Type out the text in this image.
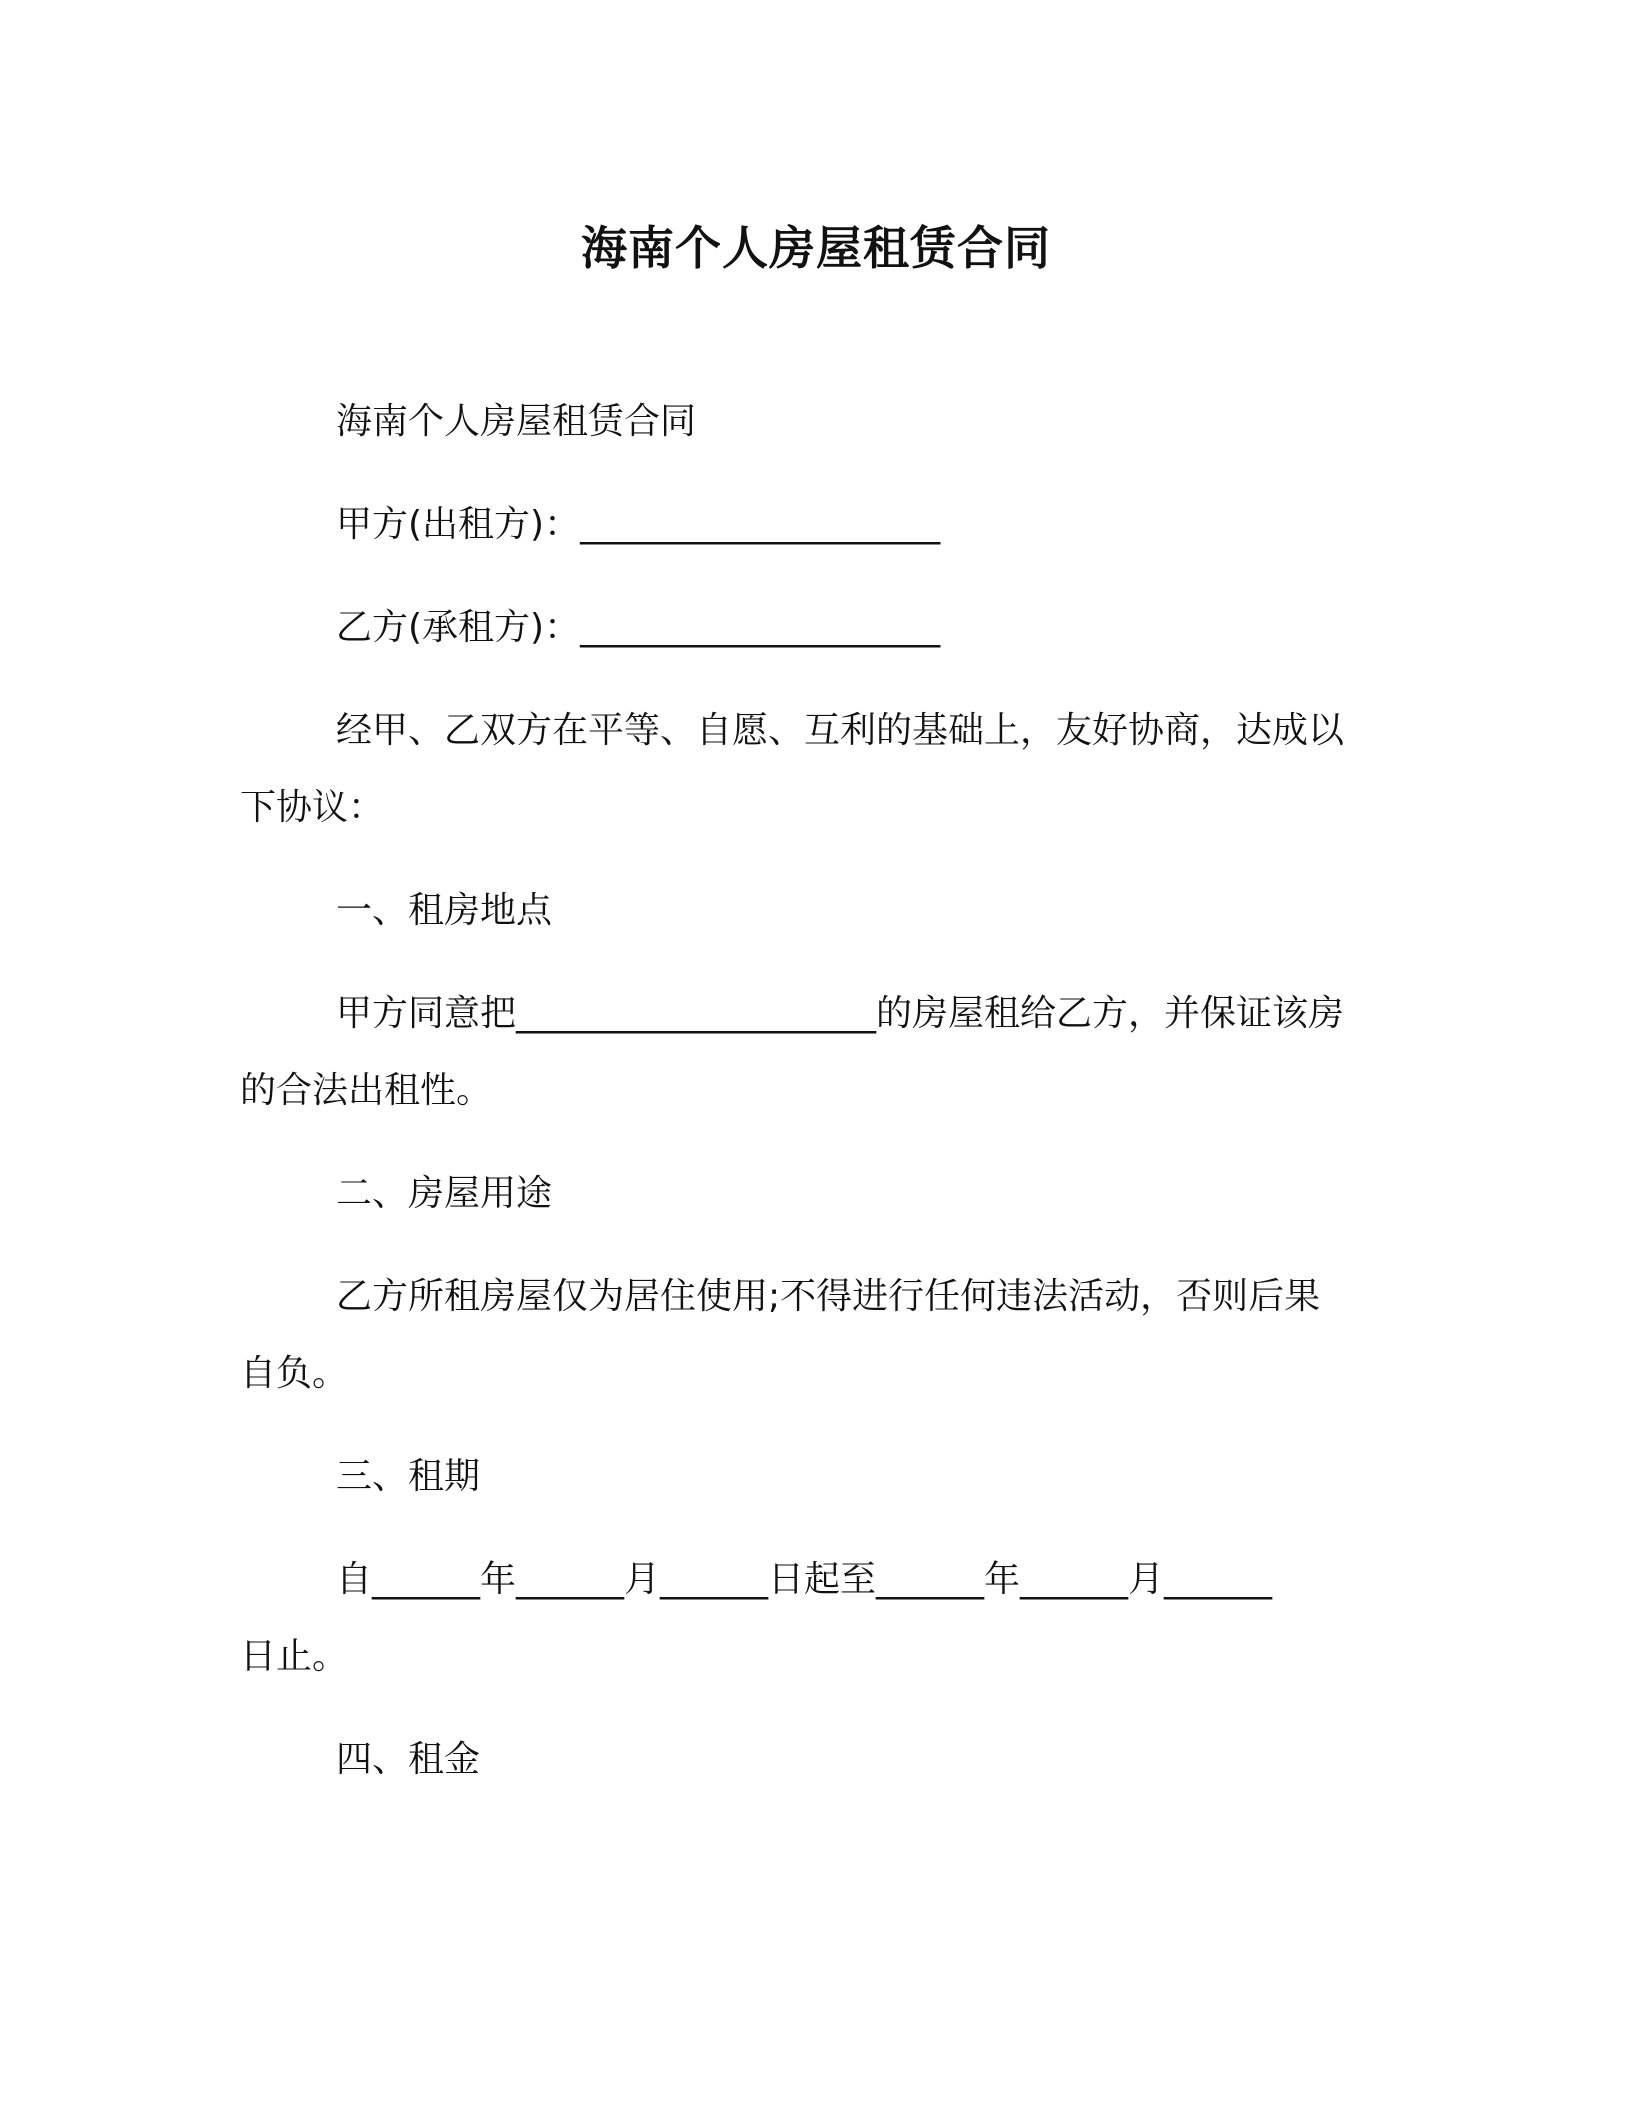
海南个人房屋租赁合同
海南个人房屋租赁合同
甲方(出租方)：____________________
乙方(承租方)：____________________
经甲、乙双方在平等、自愿、互利的基础上，友好协商，达成以
下协议：
一、租房地点
甲方同意把____________________的房屋租给乙方，并保证该房
的合法出租性。
二、房屋用途
乙方所租房屋仅为居住使用;不得进行任何违法活动，否则后果
自负。
三、租期
自______年______月______日起至______年______月______
日止。
四、租金
